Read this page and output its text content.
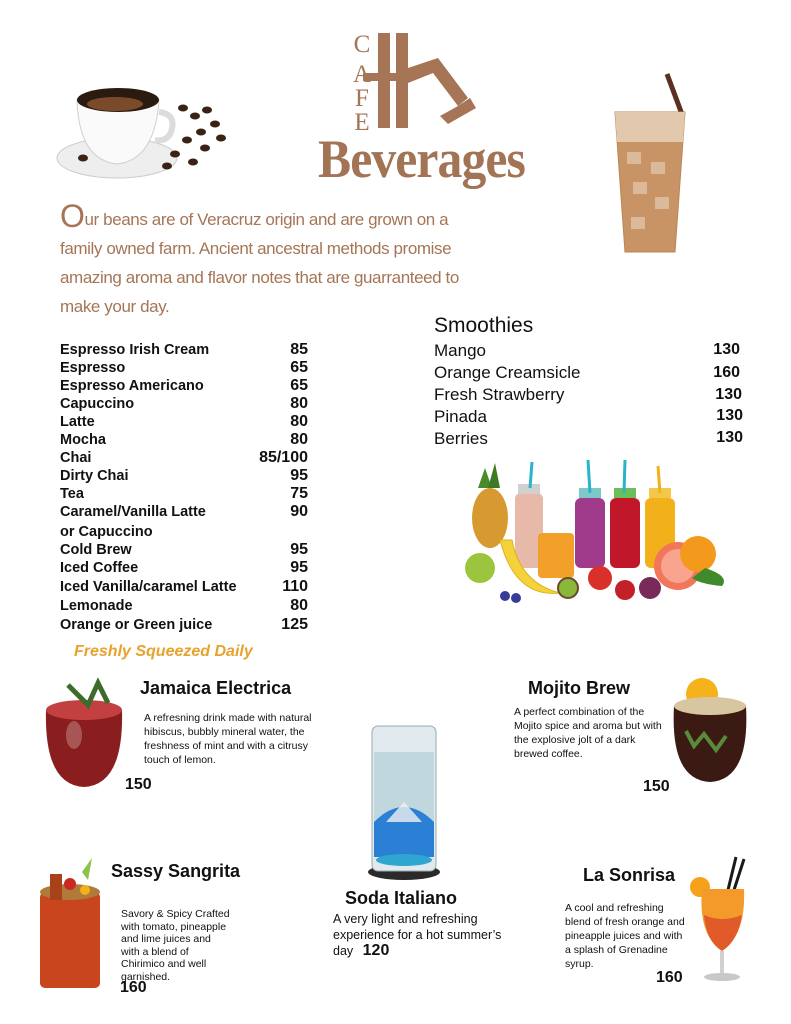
C
A
F
E
Beverages
Our beans are of Veracruz origin and are grown on a family owned farm. Ancient ancestral methods promise amazing aroma and flavor notes that are guarranteed to make your day.
Espresso Irish Cream	85
Espresso	65
Espresso Americano	65
Capuccino	80
Latte	80
Mocha	80
Chai	85/100
Dirty Chai	95
Tea	75
Caramel/Vanilla Latte	90
or Capuccino
Cold Brew	95
Iced Coffee	95
Iced Vanilla/caramel Latte	110
Lemonade	80
Orange or Green juice	125
Freshly Squeezed Daily
Smoothies
Mango	130
Orange Creamsicle	160
Fresh Strawberry	130
Pinada	130
Berries	130
Jamaica Electrica
A refresning drink made with natural hibiscus, bubbly mineral water, the freshness of mint and with a citrusy touch of lemon.
150
Mojito Brew
A perfect combination of the Mojito spice and aroma but with the explosive jolt of a dark brewed coffee.
150
Soda Italiano
A very light and refreshing experience for a hot summer’s day 120
Sassy Sangrita
Savory & Spicy Crafted with tomato, pineapple and lime juices and with a blend of Chirimico and well garnished.
160
La Sonrisa
A cool and refreshing blend of fresh orange and pineapple juices and with a splash of Grenadine syrup.
160
